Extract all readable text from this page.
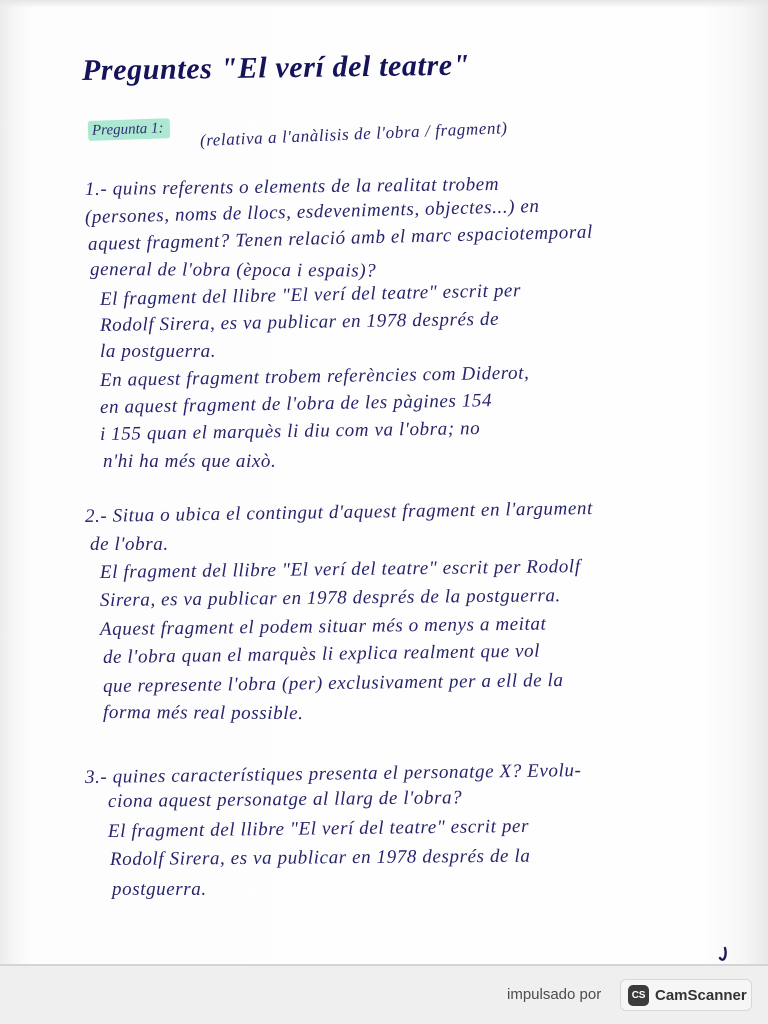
Preguntes "El verí del teatre"
Pregunta 1:	(relativa a l'anàlisis de l'obra / fragment)
1.- quins referents o elements de la realitat trobem
(persones, noms de llocs, esdeveniments, objectes...) en
aquest fragment? Tenen relació amb el marc espaciotemporal
general de l'obra (època i espais)?
El fragment del llibre "El verí del teatre" escrit per
Rodolf Sirera, es va publicar en 1978 després de
la postguerra.
En aquest fragment trobem referències com Diderot,
en aquest fragment de l'obra de les pàgines 154
i 155 quan el marquès li diu com va l'obra; no
n'hi ha més que això.
2.- Situa o ubica el contingut d'aquest fragment en l'argument
de l'obra.
El fragment del llibre "El verí del teatre" escrit per Rodolf
Sirera, es va publicar en 1978 després de la postguerra.
Aquest fragment el podem situar més o menys a meitat
de l'obra quan el marquès li explica realment que vol
que represente l'obra (per) exclusivament per a ell de la
forma més real possible.
3.- quines característiques presenta el personatge X? Evolu-
ciona aquest personatge al llarg de l'obra?
El fragment del llibre "El verí del teatre" escrit per
Rodolf Sirera, es va publicar en 1978 després de la
postguerra.
impulsado por	CS CamScanner
